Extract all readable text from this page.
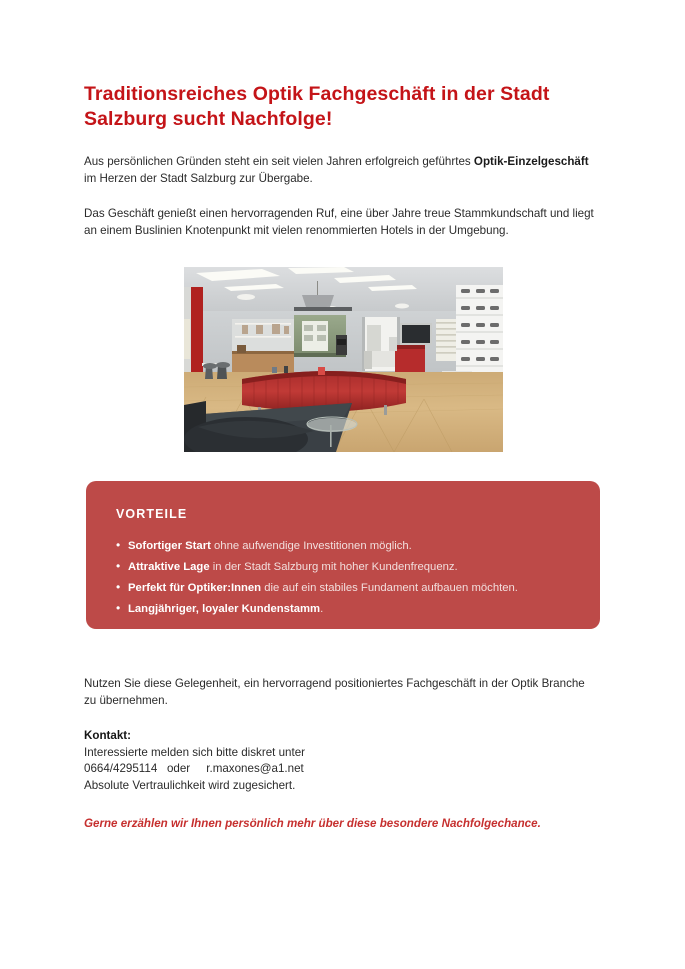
Traditionsreiches Optik Fachgeschäft in der Stadt Salzburg sucht Nachfolge!

Aus persönlichen Gründen steht ein seit vielen Jahren erfolgreich geführtes Optik-Einzelgeschäft im Herzen der Stadt Salzburg zur Übergabe.

Das Geschäft genießt einen hervorragenden Ruf, eine über Jahre treue Stammkundschaft und liegt an einem Buslinien Knotenpunkt mit vielen renommierten Hotels in der Umgebung.

VORTEILE
• Sofortiger Start ohne aufwendige Investitionen möglich.
• Attraktive Lage in der Stadt Salzburg mit hoher Kundenfrequenz.
• Perfekt für Optiker:Innen die auf ein stabiles Fundament aufbauen möchten.
• Langjähriger, loyaler Kundenstamm.

Nutzen Sie diese Gelegenheit, ein hervorragend positioniertes Fachgeschäft in der Optik Branche zu übernehmen.

Kontakt:
Interessierte melden sich bitte diskret unter
0664/4295114   oder     r.maxones@a1.net
Absolute Vertraulichkeit wird zugesichert.

Gerne erzählen wir Ihnen persönlich mehr über diese besondere Nachfolgechance.
